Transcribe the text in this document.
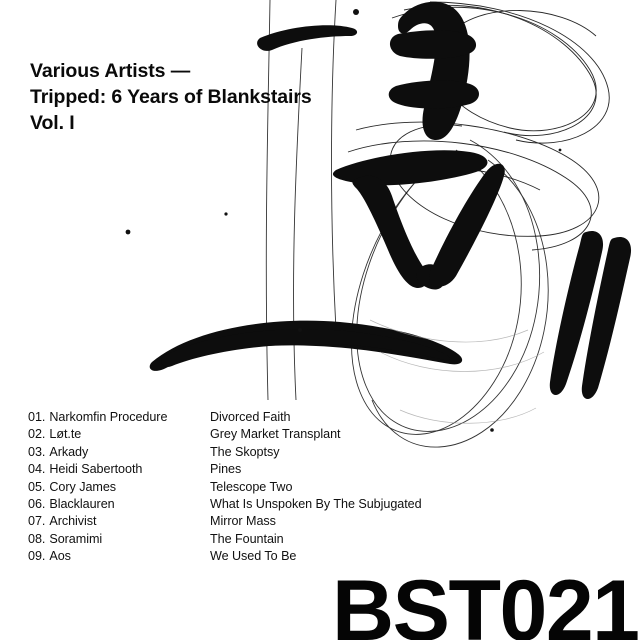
Various Artists —
Tripped: 6 Years of Blankstairs
Vol. I
01. Narkomfin Procedure	Divorced Faith
02. Løt.te	Grey Market Transplant
03. Arkady	The Skoptsy
04. Heidi Sabertooth	Pines
05. Cory James	Telescope Two
06. Blacklauren	What Is Unspoken By The Subjugated
07. Archivist	Mirror Mass
08. Soramimi	The Fountain
09. Aos	We Used To Be
BST021
